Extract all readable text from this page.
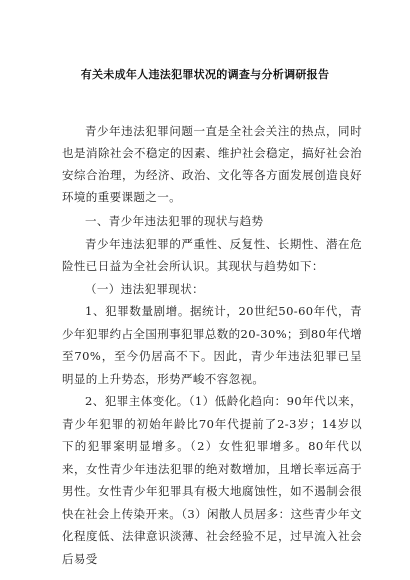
有关未成年人违法犯罪状况的调查与分析调研报告

青少年违法犯罪问题一直是全社会关注的热点，同时也是消除社会不稳定的因素、维护社会稳定，搞好社会治安综合治理，为经济、政治、文化等各方面发展创造良好环境的重要课题之一。

一、青少年违法犯罪的现状与趋势

青少年违法犯罪的严重性、反复性、长期性、潜在危险性已日益为全社会所认识。其现状与趋势如下：

（一）违法犯罪现状：

1、犯罪数量剧增。据统计，20世纪50-60年代，青少年犯罪约占全国刑事犯罪总数的20-30%；到80年代增至70%，至今仍居高不下。因此，青少年违法犯罪已呈明显的上升势态，形势严峻不容忽视。

2、犯罪主体变化。（1）低龄化趋向：90年代以来，青少年犯罪的初始年龄比70年代提前了2-3岁；14岁以下的犯罪案明显增多。（2）女性犯罪增多。80年代以来，女性青少年违法犯罪的绝对数增加，且增长率远高于男性。女性青少年犯罪具有极大地腐蚀性，如不遏制会很快在社会上传染开来。（3）闲散人员居多：这些青少年文化程度低、法律意识淡薄、社会经验不足，过早流入社会后易受
